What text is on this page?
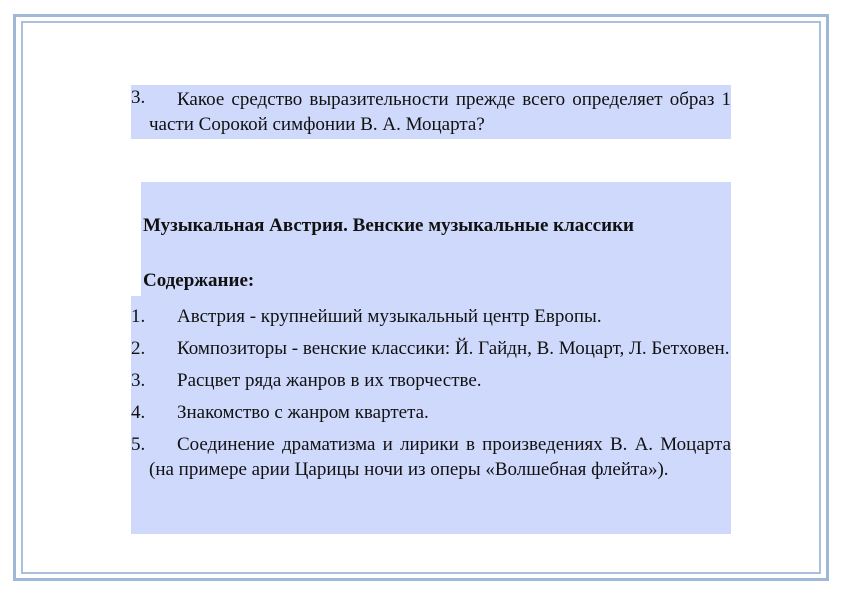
3.	Какое средство выразительности прежде всего определяет образ 1 части Сорокой симфонии В. А. Моцарта?
Музыкальная Австрия. Венские музыкальные классики
Содержание:
1.	Австрия - крупнейший музыкальный центр Европы.
2.	Композиторы - венские классики: Й. Гайдн, В. Моцарт, Л. Бетховен.
3.	Расцвет ряда жанров в их творчестве.
4.	Знакомство с жанром квартета.
5.	Соединение драматизма и лирики в произведениях В. А. Моцарта (на примере арии Царицы ночи из оперы «Волшебная флейта»).
